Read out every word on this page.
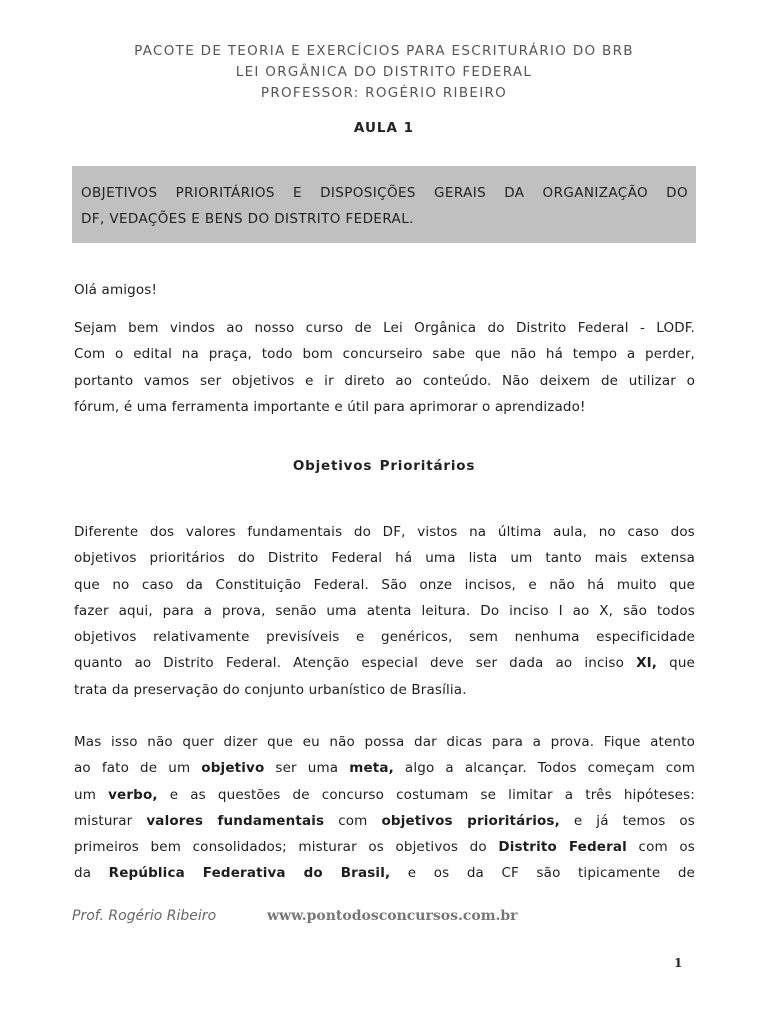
PACOTE DE TEORIA E EXERCÍCIOS PARA ESCRITURÁRIO DO BRB
LEI ORGÂNICA DO DISTRITO FEDERAL
PROFESSOR: ROGÉRIO RIBEIRO
AULA 1

OBJETIVOS PRIORITÁRIOS E DISPOSIÇÕES GERAIS DA ORGANIZAÇÃO DO
DF, VEDAÇÕES E BENS DO DISTRITO FEDERAL.

Olá amigos!

Sejam bem vindos ao nosso curso de Lei Orgânica do Distrito Federal - LODF.
Com o edital na praça, todo bom concurseiro sabe que não há tempo a perder,
portanto vamos ser objetivos e ir direto ao conteúdo. Não deixem de utilizar o
fórum, é uma ferramenta importante e útil para aprimorar o aprendizado!

Objetivos Prioritários

Diferente dos valores fundamentais do DF, vistos na última aula, no caso dos
objetivos prioritários do Distrito Federal há uma lista um tanto mais extensa
que no caso da Constituição Federal. São onze incisos, e não há muito que
fazer aqui, para a prova, senão uma atenta leitura. Do inciso I ao X, são todos
objetivos relativamente previsíveis e genéricos, sem nenhuma especificidade
quanto ao Distrito Federal. Atenção especial deve ser dada ao inciso XI, que
trata da preservação do conjunto urbanístico de Brasília.

Mas isso não quer dizer que eu não possa dar dicas para a prova. Fique atento
ao fato de um objetivo ser uma meta, algo a alcançar. Todos começam com
um verbo, e as questões de concurso costumam se limitar a três hipóteses:
misturar valores fundamentais com objetivos prioritários, e já temos os
primeiros bem consolidados; misturar os objetivos do Distrito Federal com os
da República Federativa do Brasil, e os da CF são tipicamente de

Prof. Rogério Ribeiro	www.pontodosconcursos.com.br
1
